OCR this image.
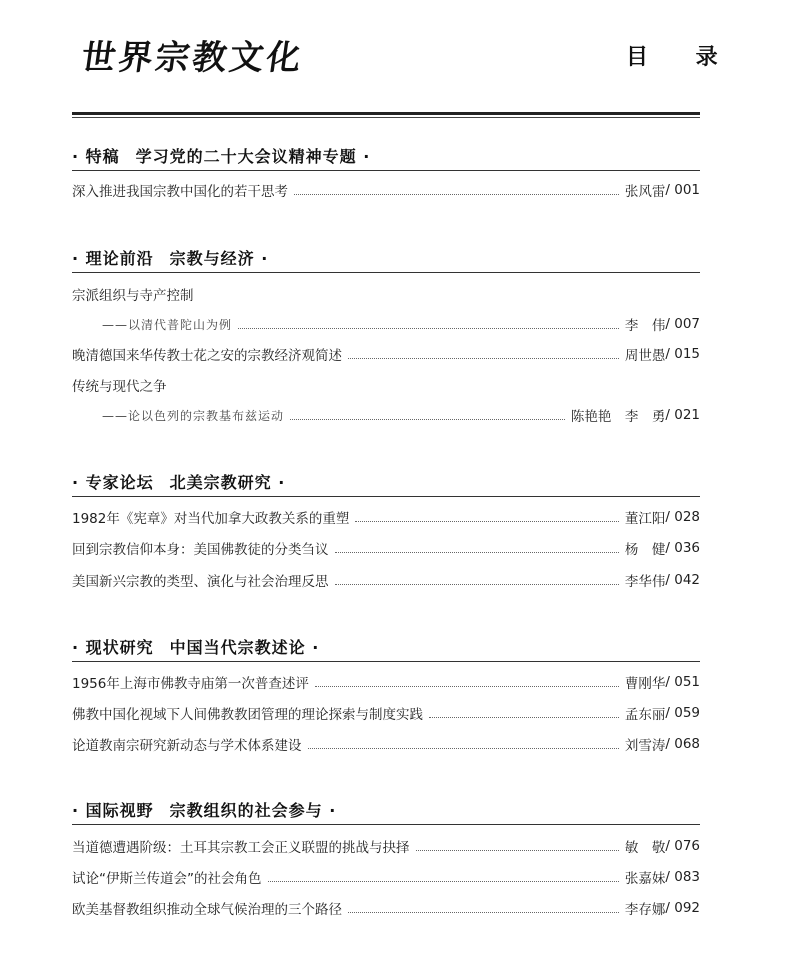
世界宗教文化	目 录
· 特稿 学习党的二十大会议精神专题 ·
深入推进我国宗教中国化的若干思考	张风雷 / 001
· 理论前沿 宗教与经济 ·
宗派组织与寺产控制
——以清代普陀山为例	李　伟 / 007
晚清德国来华传教士花之安的宗教经济观简述	周世愚 / 015
传统与现代之争
——论以色列的宗教基布兹运动	陈艳艳　李　勇 / 021
· 专家论坛 北美宗教研究 ·
1982年《宪章》对当代加拿大政教关系的重塑	董江阳 / 028
回到宗教信仰本身：美国佛教徒的分类刍议	杨　健 / 036
美国新兴宗教的类型、演化与社会治理反思	李华伟 / 042
· 现状研究 中国当代宗教述论 ·
1956年上海市佛教寺庙第一次普查述评	曹刚华 / 051
佛教中国化视域下人间佛教教团管理的理论探索与制度实践	孟东丽 / 059
论道教南宗研究新动态与学术体系建设	刘雪涛 / 068
· 国际视野 宗教组织的社会参与 ·
当道德遭遇阶级：土耳其宗教工会正义联盟的挑战与抉择	敏　敬 / 076
试论“伊斯兰传道会”的社会角色	张嘉妹 / 083
欧美基督教组织推动全球气候治理的三个路径	李存娜 / 092
